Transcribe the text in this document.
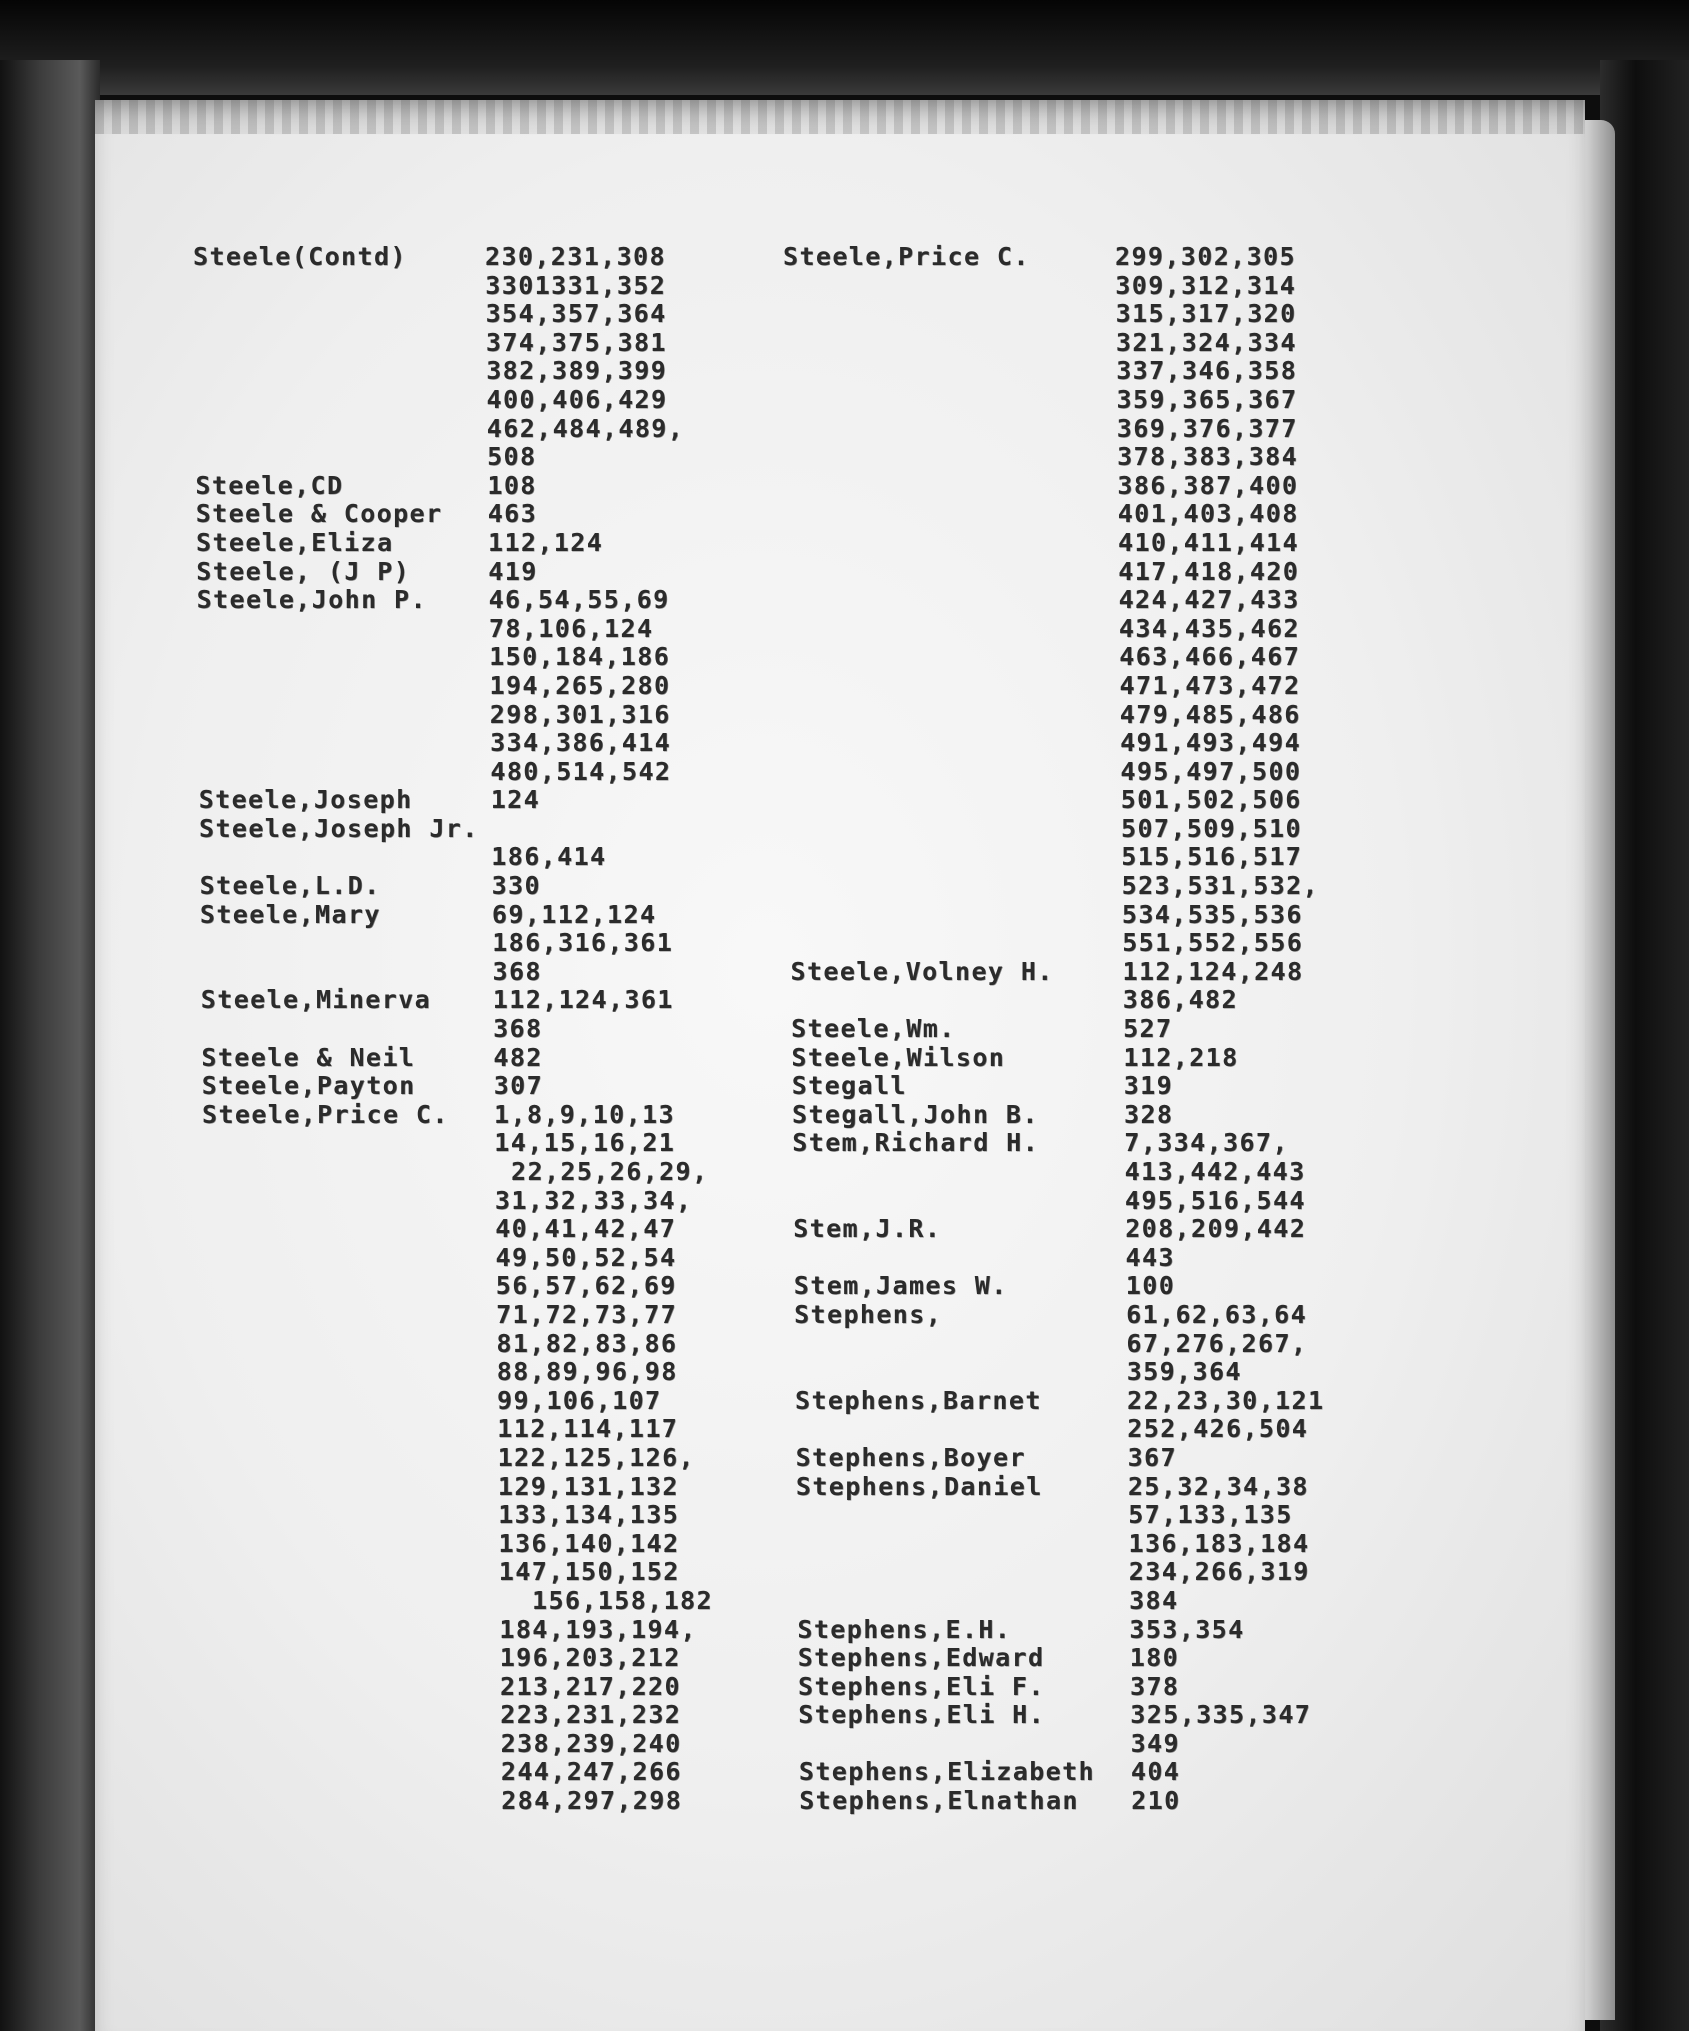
Steele(Contd)	230,231,308
3301331,352
354,357,364
374,375,381
382,389,399
400,406,429
462,484,489,
508
Steele,CD	108
Steele & Cooper 463
Steele,Eliza	112,124
Steele, (J P)	419
Steele,John P. 46,54,55,69
78,106,124
150,184,186
194,265,280
298,301,316
334,386,414
480,514,542
Steele,Joseph	124
Steele,Joseph Jr.
186,414
Steele,L.D.	330
Steele,Mary	69,112,124
186,316,361
368
Steele,Minerva 112,124,361
368
Steele & Neil	482
Steele,Payton	307
Steele,Price C. 1,8,9,10,13
14,15,16,21
22,25,26,29,
31,32,33,34,
40,41,42,47
49,50,52,54
56,57,62,69
71,72,73,77
81,82,83,86
88,89,96,98
99,106,107
112,114,117
122,125,126,
129,131,132
133,134,135
136,140,142
147,150,152
156,158,182
184,193,194,
196,203,212
213,217,220
223,231,232
238,239,240
244,247,266
284,297,298
Steele,Price C.	299,302,305
309,312,314
315,317,320
321,324,334
337,346,358
359,365,367
369,376,377
378,383,384
386,387,400
401,403,408
410,411,414
417,418,420
424,427,433
434,435,462
463,466,467
471,473,472
479,485,486
491,493,494
495,497,500
501,502,506
507,509,510
515,516,517
523,531,532,
534,535,536
551,552,556
Steele,Volney H.	112,124,248
386,482
Steele,Wm.	527
Steele,Wilson	112,218
Stegall	319
Stegall,John B.	328
Stem,Richard H.	7,334,367,
413,442,443
495,516,544
Stem,J.R.	208,209,442
443
Stem,James W.	100
Stephens,	61,62,63,64
67,276,267,
359,364
Stephens,Barnet	22,23,30,121
252,426,504
Stephens,Boyer	367
Stephens,Daniel	25,32,34,38
57,133,135
136,183,184
234,266,319
384
Stephens,E.H.	353,354
Stephens,Edward	180
Stephens,Eli F.	378
Stephens,Eli H.	325,335,347
349
Stephens,Elizabeth 404
Stephens,Elnathan 210
